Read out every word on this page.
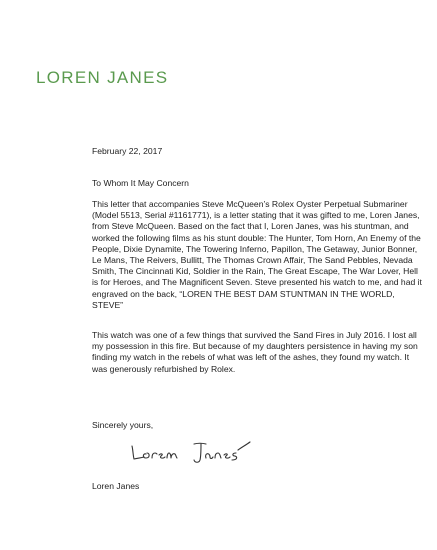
LOREN JANES
February 22, 2017
To Whom It May Concern
This letter that accompanies Steve McQueen’s Rolex Oyster Perpetual Submariner (Model 5513, Serial #1161771), is a letter stating that it was gifted to me, Loren Janes, from Steve McQueen. Based on the fact that I, Loren Janes, was his stuntman, and worked the following films as his stunt double: The Hunter, Tom Horn, An Enemy of the People, Dixie Dynamite, The Towering Inferno, Papillon, The Getaway, Junior Bonner, Le Mans, The Reivers, Bullitt, The Thomas Crown Affair, The Sand Pebbles, Nevada Smith, The Cincinnati Kid, Soldier in the Rain, The Great Escape, The War Lover, Hell is for Heroes, and The Magnificent Seven. Steve presented his watch to me, and had it engraved on the back, “LOREN THE BEST DAM STUNTMAN IN THE WORLD, STEVE”
This watch was one of a few things that survived the Sand Fires in July 2016. I lost all my possession in this fire. But because of my daughters persistence in having my son finding my watch in the rebels of what was left of the ashes, they found my watch. It was generously refurbished by Rolex.
Sincerely yours,
Loren Janes
